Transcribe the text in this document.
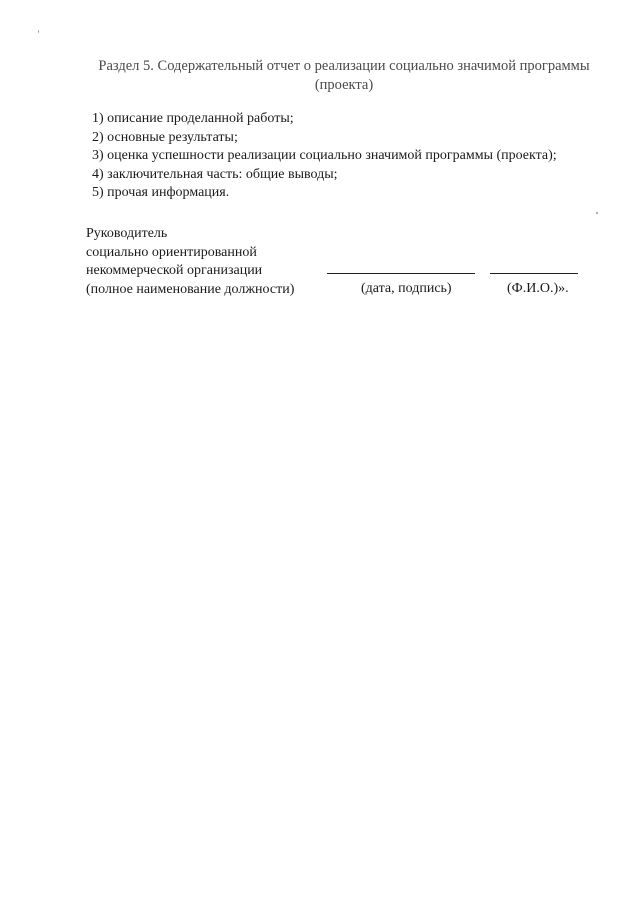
Раздел 5. Содержательный отчет о реализации социально значимой программы (проекта)
1) описание проделанной работы;
2) основные результаты;
3) оценка успешности реализации социально значимой программы (проекта);
4) заключительная часть: общие выводы;
5) прочая информация.
Руководитель
социально ориентированной
некоммерческой организации
(полное наименование должности)	(дата, подпись)	(Ф.И.О.)».
